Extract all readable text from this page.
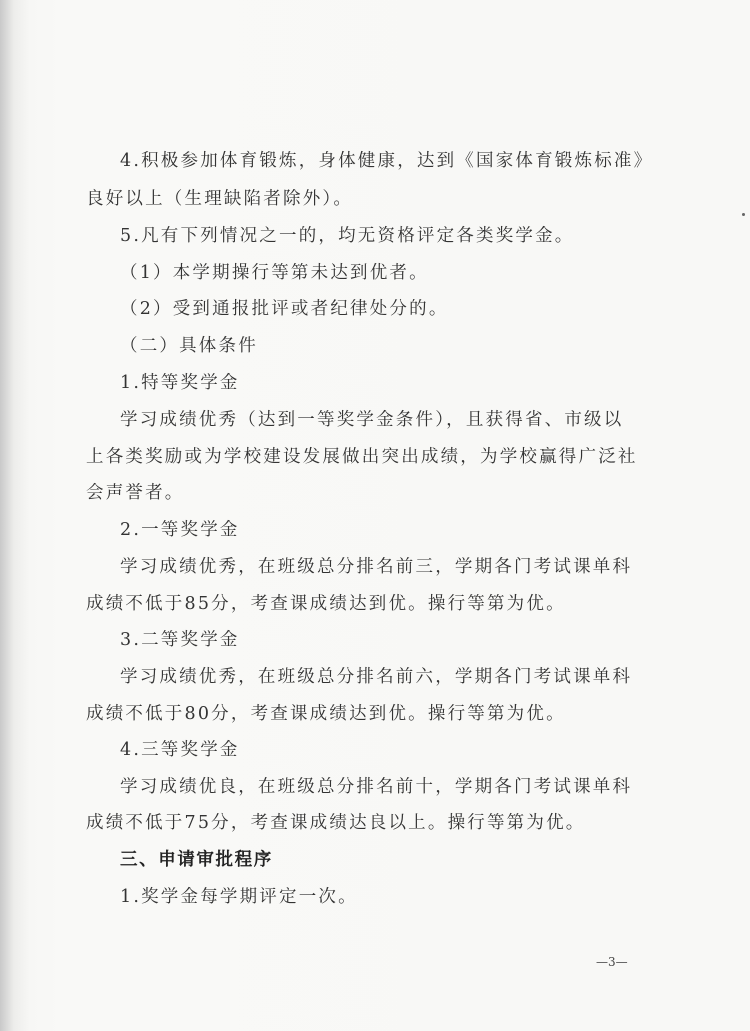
4.积极参加体育锻炼，身体健康，达到《国家体育锻炼标准》
良好以上（生理缺陷者除外）。
5.凡有下列情况之一的，均无资格评定各类奖学金。
（1）本学期操行等第未达到优者。
（2）受到通报批评或者纪律处分的。
（二）具体条件
1.特等奖学金
学习成绩优秀（达到一等奖学金条件），且获得省、市级以
上各类奖励或为学校建设发展做出突出成绩，为学校赢得广泛社
会声誉者。
2.一等奖学金
学习成绩优秀，在班级总分排名前三，学期各门考试课单科
成绩不低于85分，考查课成绩达到优。操行等第为优。
3.二等奖学金
学习成绩优秀，在班级总分排名前六，学期各门考试课单科
成绩不低于80分，考查课成绩达到优。操行等第为优。
4.三等奖学金
学习成绩优良，在班级总分排名前十，学期各门考试课单科
成绩不低于75分，考查课成绩达良以上。操行等第为优。
三、申请审批程序
1.奖学金每学期评定一次。
—3—
